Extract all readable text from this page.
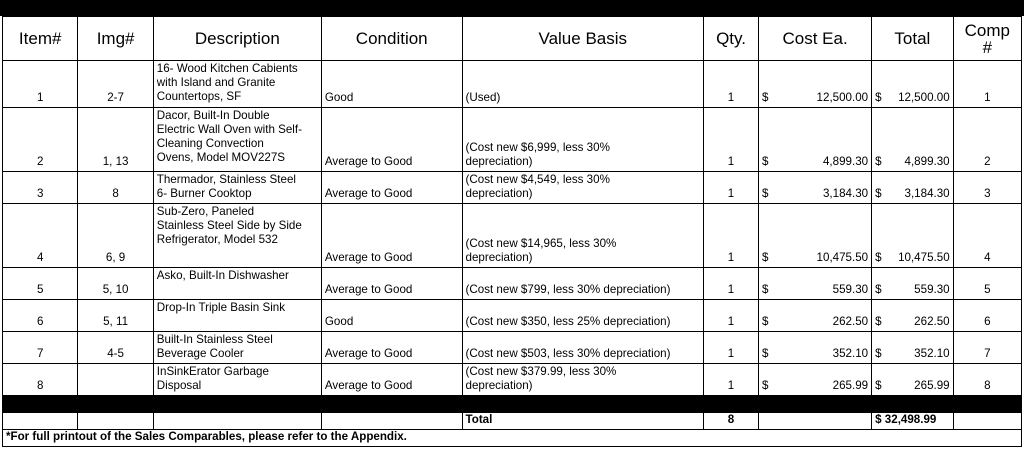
Item#	Img#	Description	Condition	Value Basis	Qty.	Cost Ea.	Total	Comp
#

1	2-7	16- Wood Kitchen Cabients
with Island and Granite
Countertops, SF	Good	(Used)	1	$ 12,500.00	$ 12,500.00	1
2	1, 13	Dacor, Built-In Double
Electric Wall Oven with Self-
Cleaning Convection
Ovens, Model MOV227S	Average to Good	(Cost new $6,999, less 30%
depreciation)	1	$ 4,899.30	$ 4,899.30	2
3	8	Thermador, Stainless Steel
6- Burner Cooktop	Average to Good	(Cost new $4,549, less 30%
depreciation)	1	$ 3,184.30	$ 3,184.30	3
4	6, 9	Sub-Zero, Paneled
Stainless Steel Side by Side
Refrigerator, Model 532	Average to Good	(Cost new $14,965, less 30%
depreciation)	1	$ 10,475.50	$ 10,475.50	4
5	5, 10	Asko, Built-In Dishwasher	Average to Good	(Cost new $799, less 30% depreciation)	1	$ 559.30	$ 559.30	5
6	5, 11	Drop-In Triple Basin Sink	Good	(Cost new $350, less 25% depreciation)	1	$ 262.50	$ 262.50	6
7	4-5	Built-In Stainless Steel
Beverage Cooler	Average to Good	(Cost new $503, less 30% depreciation)	1	$ 352.10	$ 352.10	7
8		InSinkErator Garbage
Disposal	Average to Good	(Cost new $379.99, less 30%
depreciation)	1	$ 265.99	$ 265.99	8

				Total	8		$ 32,498.99	
*For full printout of the Sales Comparables, please refer to the Appendix.								
